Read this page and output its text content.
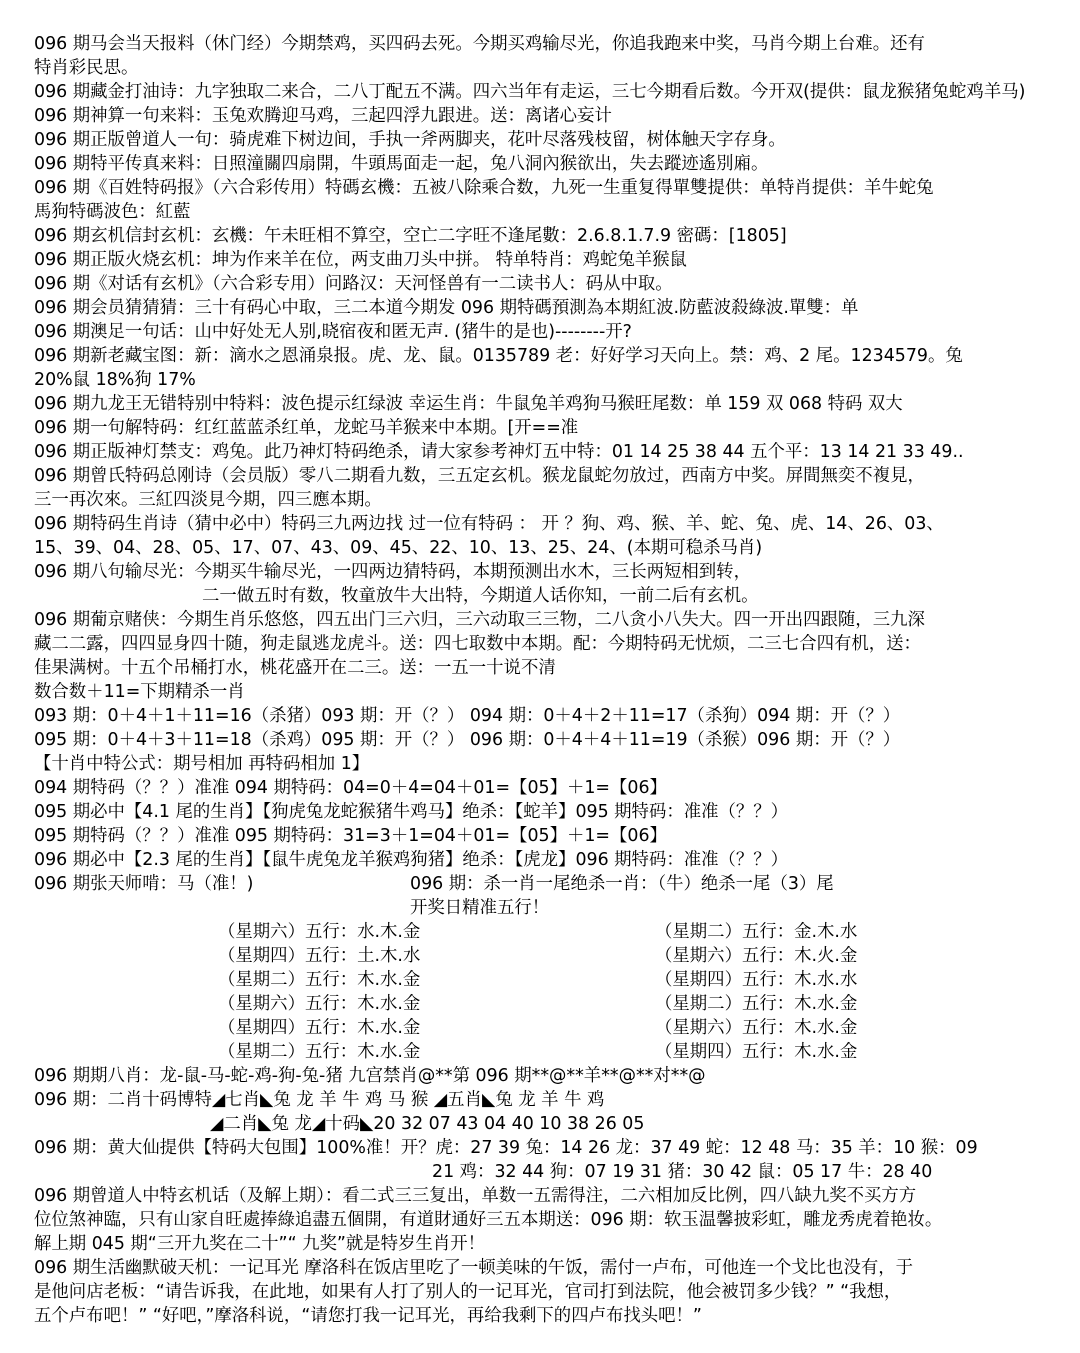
096 期马会当天报料（休门经）今期禁鸡，买四码去死。今期买鸡输尽光，你追我跑来中奖，马肖今期上台难。还有
特肖彩民思。
096 期藏金打油诗：九字独取二来合，二八丁配五不满。四六当年有走运，三七今期看后数。今开双(提供：鼠龙猴猪兔蛇鸡羊马)
096 期神算一句来料：玉兔欢腾迎马鸡，三起四浮九跟进。送：离诸心妄计
096 期正版曾道人一句：骑虎难下树边间，手执一斧两脚夹，花叶尽落残枝留，树体触天字存身。
096 期特平传真来料：日照潼關四扇開，牛頭馬面走一起，兔八洞內猴欲出，失去蹤迹遙別廂。
096 期《百姓特码报》（六合彩传用）特碼玄機：五被八除乘合数，九死一生重复得單雙提供：单特肖提供：羊牛蛇兔
馬狗特碼波色：紅藍
096 期玄机信封玄机：玄機：午未旺相不算空，空亡二字旺不逢尾數：2.6.8.1.7.9 密碼：[1805]
096 期正版火烧玄机：坤为作来羊在位，两支曲刀头中拼。 特单特肖：鸡蛇兔羊猴鼠
096 期《对话有玄机》（六合彩专用）问路汉：天河怪兽有一二读书人：码从中取。
096 期会员猜猜猜：三十有码心中取，三二本道今期发 096 期特碼預測為本期紅波.防藍波殺綠波.單雙：单
096 期澳足一句话：山中好处无人别,晓宿夜和匿无声. (猪牛的是也)--------开?
096 期新老藏宝图：新：滴水之恩涌泉报。虎、龙、鼠。0135789 老：好好学习天向上。禁：鸡、2 尾。1234579。兔
20%鼠 18%狗 17%
096 期九龙王无错特别中特料：波色提示红绿波 幸运生肖：牛鼠兔羊鸡狗马猴旺尾数：单 159 双 068 特码 双大
096 期一句解特码：红红蓝蓝杀红单，龙蛇马羊猴来中本期。[开==准
096 期正版神灯禁支：鸡兔。此乃神灯特码绝杀，请大家参考神灯五中特：01 14 25 38 44 五个平：13 14 21 33 49..
096 期曾氏特码总刚诗（会员版）零八二期看九数，三五定玄机。猴龙鼠蛇勿放过，西南方中奖。屏間無奕不複見，
三一再次來。三紅四淡見今期，四三應本期。
096 期特码生肖诗（猜中必中）特码三九两边找 过一位有特码 ： 开 ？狗、鸡、猴、羊、蛇、兔、虎、14、26、03、
15、39、04、28、05、17、07、43、09、45、22、10、13、25、24、(本期可稳杀马肖)
096 期八句输尽光：今期买牛输尽光，一四两边猜特码，本期预测出水木，三长两短相到转，
二一做五时有数，牧童放牛大出特，今期道人话你知，一前二后有玄机。
096 期葡京赌侠：今期生肖乐悠悠，四五出门三六归，三六动取三三物，二八贪小八失大。四一开出四跟随，三九深
藏二二露，四四显身四十随，狗走鼠逃龙虎斗。送：四七取数中本期。配：今期特码无忧烦，二三七合四有机，送：
佳果满树。十五个吊桶打水，桃花盛开在二三。送：一五一十说不清
数合数＋11=下期精杀一肖
093 期：0＋4＋1＋11=16（杀猪）093 期：开（？） 094 期：0＋4＋2＋11=17（杀狗）094 期：开（？）
095 期：0＋4＋3＋11=18（杀鸡）095 期：开（？） 096 期：0＋4＋4＋11=19（杀猴）096 期：开（？）
【十肖中特公式：期号相加 再特码相加 1】
094 期特码（？？）准准 094 期特码：04=0＋4=04＋01=【05】＋1=【06】
095 期必中【4.1 尾的生肖】【狗虎兔龙蛇猴猪牛鸡马】绝杀：【蛇羊】095 期特码：准准（？？）
095 期特码（？？）准准 095 期特码：31=3＋1=04＋01=【05】＋1=【06】
096 期必中【2.3 尾的生肖】【鼠牛虎兔龙羊猴鸡狗猪】绝杀：【虎龙】096 期特码：准准（？？）
096 期张天师啃：马（准！)	096 期：杀一肖一尾绝杀一肖：（牛）绝杀一尾（3）尾
开奖日精准五行！
（星期六）五行：水.木.金
（星期四）五行：土.木.水
（星期二）五行：木.水.金
（星期六）五行：木.水.金
（星期四）五行：木.水.金
（星期二）五行：木.水.金
（星期二）五行：金.木.水
（星期六）五行：木.火.金
（星期四）五行：木.水.水
（星期二）五行：木.水.金
（星期六）五行：木.水.金
（星期四）五行：木.水.金
096 期期八肖：龙-鼠-马-蛇-鸡-狗-兔-猪 九宫禁肖@**第 096 期**@**羊**@**对**@
096 期：二肖十码博特◢七肖◣兔 龙 羊 牛 鸡 马 猴 ◢五肖◣兔 龙 羊 牛 鸡
◢二肖◣兔 龙◢十码◣20 32 07 43 04 40 10 38 26 05
096 期：黄大仙提供【特码大包围】100%准！开？虎：27 39 兔：14 26 龙：37 49 蛇：12 48 马：35 羊：10 猴：09
21 鸡：32 44 狗：07 19 31 猪：30 42 鼠：05 17 牛：28 40
096 期曾道人中特玄机话（及解上期）：看二式三三复出，单数一五需得注，二六相加反比例，四八缺九奖不买方方
位位煞神臨，只有山家自旺處捧綠追盡五個開，有道財通好三五本期送：096 期：软玉温馨披彩虹，雕龙秀虎着艳妆。
解上期 045 期“三开九奖在二十”“ 九奖”就是特岁生肖开！
096 期生活幽默破天机：一记耳光 摩洛科在饭店里吃了一顿美味的午饭，需付一卢布，可他连一个戈比也没有，于
是他问店老板：“请告诉我，在此地，如果有人打了别人的一记耳光，官司打到法院，他会被罚多少钱？” “我想，
五个卢布吧！” “好吧，”摩洛科说，“请您打我一记耳光，再给我剩下的四卢布找头吧！”
